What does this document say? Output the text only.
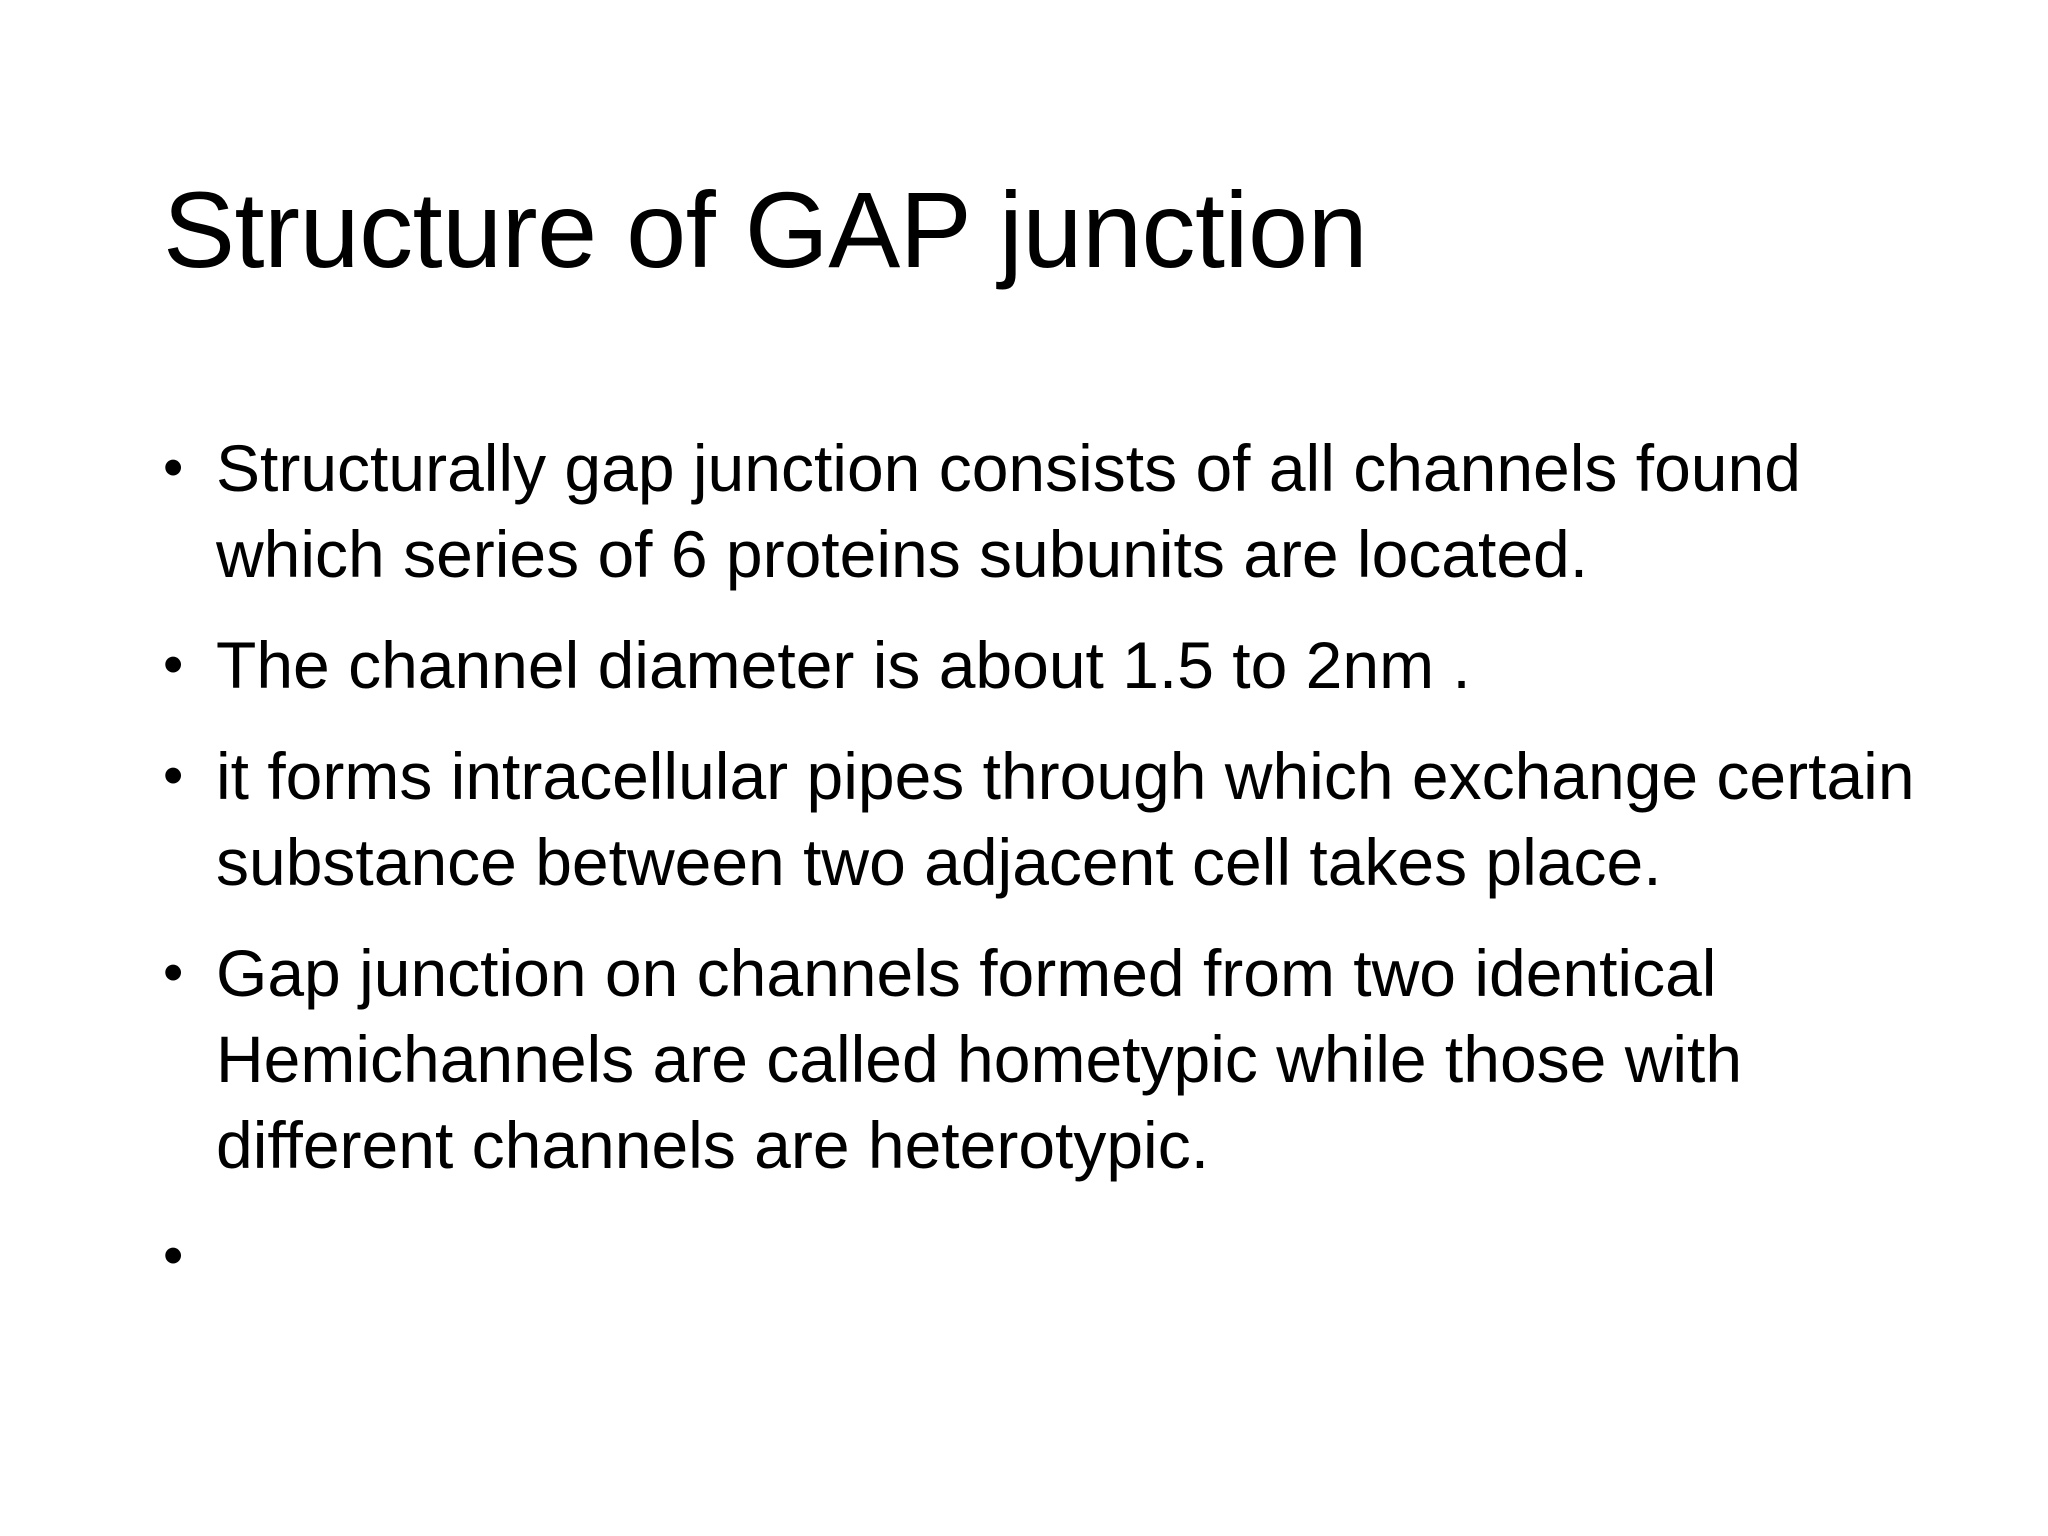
Structure of GAP junction
• Structurally gap junction consists of all channels found which series of 6 proteins subunits are located.
• The channel diameter is about 1.5 to 2nm .
• it forms intracellular pipes through which exchange certain substance between two adjacent cell takes place.
• Gap junction on channels formed from two identical Hemichannels are called hometypic while those with different channels are heterotypic.
•
